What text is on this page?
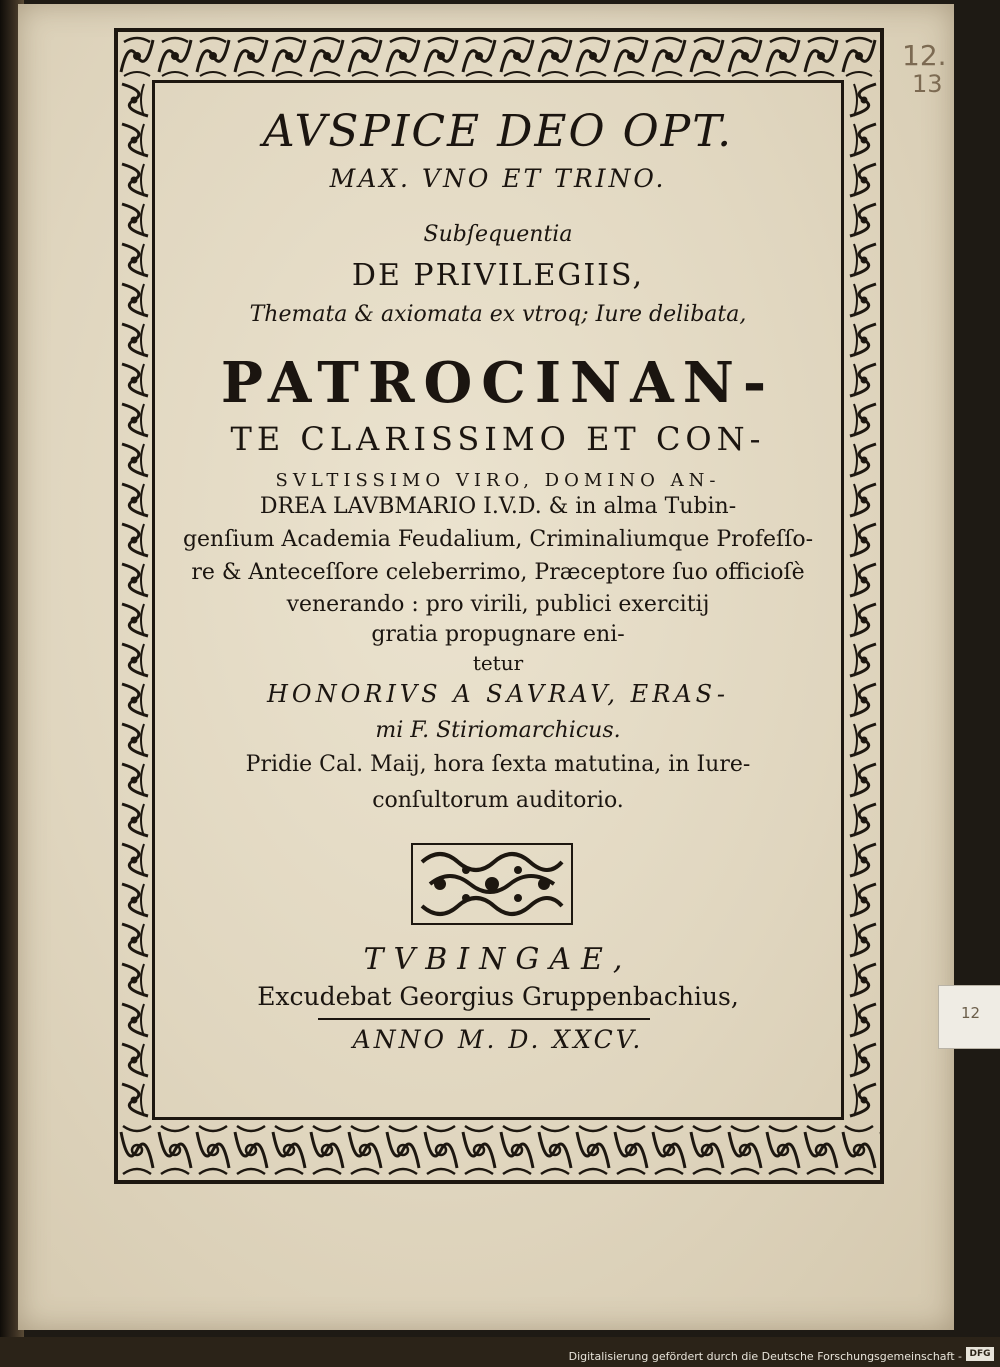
12.
13
12
AVSPICE DEO OPT.
MAX. VNO ET TRINO.
Subſequentia
DE PRIVILEGIIS,
Themata & axiomata ex vtroq; Iure delibata,
PATROCINAN-
TE CLARISSIMO ET CON-
SVLTISSIMO VIRO, DOMINO AN-
DREA LAVBMARIO I.V.D. & in alma Tubin-
genſium Academia Feudalium, Criminaliumque Profeſſo-
re & Anteceſſore celeberrimo, Præceptore ſuo officioſè
venerando : pro virili, publici exercitij
gratia propugnare eni-
tetur
HONORIVS A SAVRAV, ERAS-
mi F. Stiriomarchicus.
Pridie Cal. Maij, hora ſexta matutina, in Iure-
conſultorum auditorio.
TVBINGAE,
Excudebat Georgius Gruppenbachius,
ANNO M. D. XXCV.
Digitalisierung gefördert durch die Deutsche Forschungsgemeinschaft - DFG
